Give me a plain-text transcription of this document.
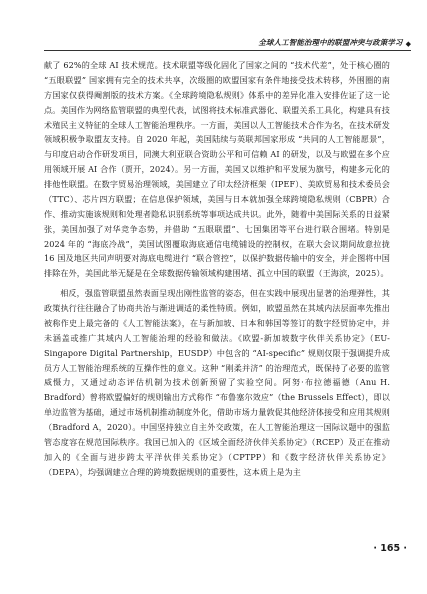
全球人工智能治理中的联盟冲突与政策学习 ◆

献了 62%的全球 AI 技术规范。技术联盟等级化固化了国家之间的 “技术代差”，处于核心圈的 “五眼联盟” 国家拥有完全的技术共享，次级圈的欧盟国家有条件地接受技术转移，外围圈的南方国家仅获得阉割版的技术方案。《全球跨境隐私规则》体系中的差异化准入安排佐证了这一论点。美国作为网络监管联盟的典型代表，试图将技术标准武器化、联盟关系工具化，构建具有技术殖民主义特征的全球人工智能治理秩序。一方面，美国以人工智能技术合作为名，在技术研发领域积极争取盟友支持。自 2020 年起，美国陆续与英联邦国家形成 “共同的人工智能愿景”，与印度启动合作研发项目，同澳大利亚联合资助公平和可信赖 AI 的研发，以及与欧盟在多个应用领域开展 AI 合作（贾开，2024）。另一方面，美国又以维护和平发展为旗号，构建多元化的排他性联盟。在数字贸易治理领域，美国建立了印太经济框架（IPEF）、美欧贸易和技术委员会（TTC）、芯片四方联盟；在信息保护领域，美国与日本就加强全球跨境隐私规则（CBPR）合作、推动实施该规则和处理者隐私识别系统等事项达成共识。此外，随着中美国际关系的日益紧张，美国加强了对华竞争态势，并借助 “五眼联盟”、七国集团等平台进行联合围堵。特别是 2024 年的 “海底冷战”，美国试图覆取海底通信电缆铺设的控制权，在联大会议期间故意拉拢 16 国及地区共同声明要对海底电缆进行 “联合管控”，以保护数据传输中的安全，并企图将中国排除在外，美国此举无疑是在全球数据传输领域构建围堵、孤立中国的联盟（王海滨，2025）。

相反，强监管联盟虽然表面呈现出刚性监管的姿态，但在实践中展现出显著的治理弹性，其政策执行往往融合了协商共治与渐进调适的柔性特质。例如，欧盟虽然在其域内法层面率先推出被称作史上最完备的《人工智能法案》，在与新加坡、日本和韩国等签订的数字经贸协定中，并未涵盖或推广其域内人工智能治理的经验和做法。《欧盟-新加坡数字伙伴关系协定》（EU-Singapore Digital Partnership，EUSDP）中包含的 “AI-specific” 规则仅限于强调提升成员方人工智能治理系统的互操作性的意义。这种 “刚柔并济” 的治理范式，既保持了必要的监管威慑力，又通过动态评估机制为技术创新预留了实验空间。阿努·布拉德福德（Anu H. Bradford）曾将欧盟偏好的规则输出方式称作 “布鲁塞尔效应”（the Brussels Effect），即以单边监管为基础，通过市场机制推动制度外化，借助市场力量敦促其他经济体接受和应用其规则（Bradford A，2020）。中国坚持独立自主外交政策，在人工智能治理这一国际议题中的强监管态度容在规范国际秩序。我国已加入的《区域全面经济伙伴关系协定》（RCEP）及正在推动加入的《全面与进步跨太平洋伙伴关系协定》（CPTPP）和《数字经济伙伴关系协定》（DEPA），均强调建立合理的跨境数据规则的重要性，这本质上是为主

· 165 ·
